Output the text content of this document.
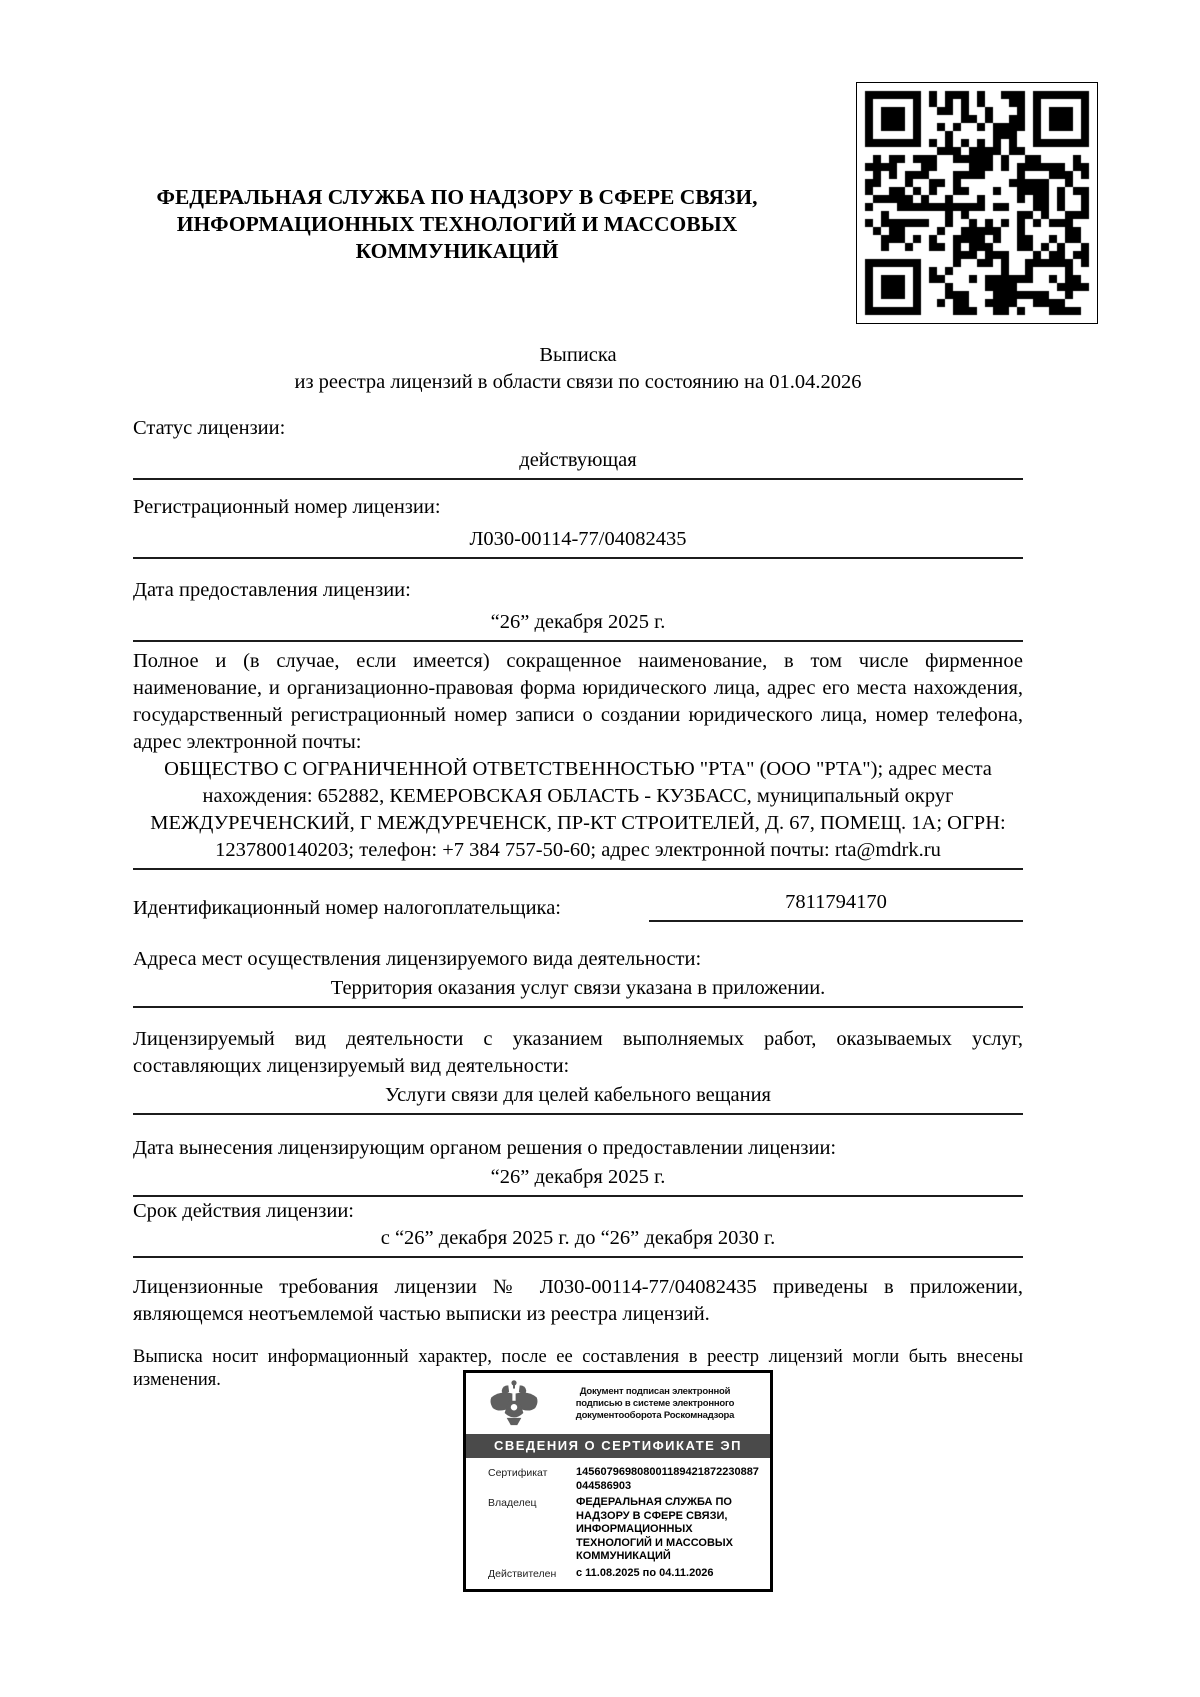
ФЕДЕРАЛЬНАЯ СЛУЖБА ПО НАДЗОРУ В СФЕРЕ СВЯЗИ,
ИНФОРМАЦИОННЫХ ТЕХНОЛОГИЙ И МАССОВЫХ
КОММУНИКАЦИЙ
Выписка
из реестра лицензий в области связи по состоянию на 01.04.2026
Статус лицензии:
действующая
Регистрационный номер лицензии:
Л030-00114-77/04082435
Дата предоставления лицензии:
“26” декабря 2025 г.
Полное и (в случае, если имеется) сокращенное наименование, в том числе фирменное наименование, и организационно-правовая форма юридического лица, адрес его места нахождения, государственный регистрационный номер записи о создании юридического лица, номер телефона, адрес электронной почты:
ОБЩЕСТВО С ОГРАНИЧЕННОЙ ОТВЕТСТВЕННОСТЬЮ "РТА" (ООО "РТА"); адрес места нахождения: 652882, КЕМЕРОВСКАЯ ОБЛАСТЬ - КУЗБАСС, муниципальный округ МЕЖДУРЕЧЕНСКИЙ, Г МЕЖДУРЕЧЕНСК, ПР-КТ СТРОИТЕЛЕЙ, Д. 67, ПОМЕЩ. 1А; ОГРН: 1237800140203; телефон: +7 384 757-50-60; адрес электронной почты: rta@mdrk.ru
Идентификационный номер налогоплательщика:	7811794170
Адреса мест осуществления лицензируемого вида деятельности:
Территория оказания услуг связи указана в приложении.
Лицензируемый вид деятельности с указанием выполняемых работ, оказываемых услуг, составляющих лицензируемый вид деятельности:
Услуги связи для целей кабельного вещания
Дата вынесения лицензирующим органом решения о предоставлении лицензии:
“26” декабря 2025 г.
Срок действия лицензии:
с “26” декабря 2025 г. до “26” декабря 2030 г.
Лицензионные требования лицензии № Л030-00114-77/04082435 приведены в приложении, являющемся неотъемлемой частью выписки из реестра лицензий.
Выписка носит информационный характер, после ее составления в реестр лицензий могли быть внесены изменения.
Документ подписан электронной
подписью в системе электронного
документооборота Роскомнадзора
СВЕДЕНИЯ О СЕРТИФИКАТЕ ЭП
Сертификат	145607969808001189421872230887044586903
Владелец	ФЕДЕРАЛЬНАЯ СЛУЖБА ПО НАДЗОРУ В СФЕРЕ СВЯЗИ, ИНФОРМАЦИОННЫХ ТЕХНОЛОГИЙ И МАССОВЫХ КОММУНИКАЦИЙ
Действителен	с 11.08.2025 по 04.11.2026
